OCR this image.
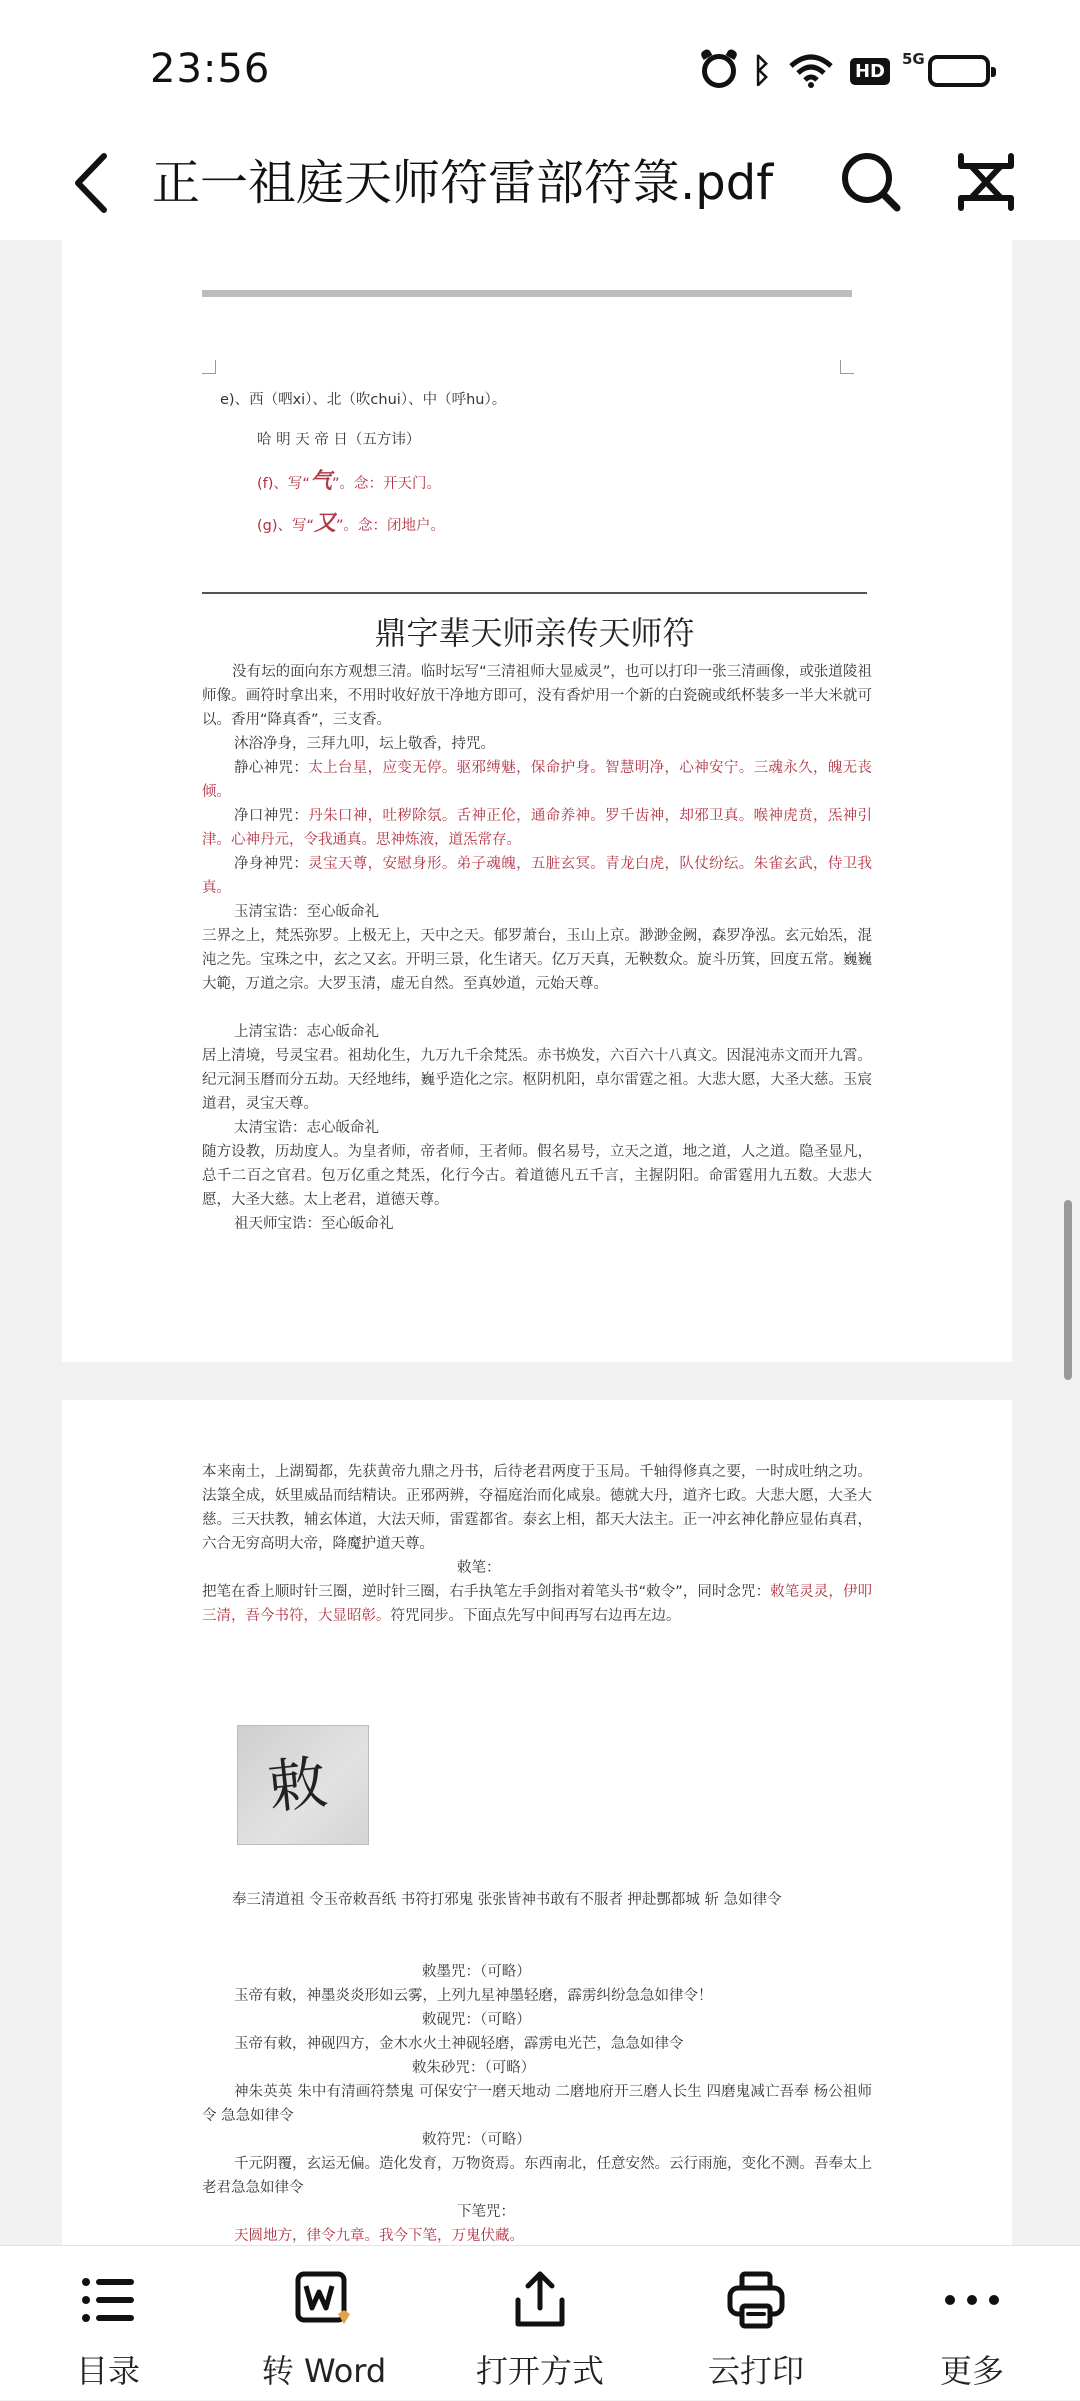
23:56	ᛒ	HD
5G
正一祖庭天师符雷部符箓.pdf
e)、西（呬xi）、北（吹chui）、中（呼hu）。
哈 明 天 帝 日（五方讳）
(f)、写“气”。念：开天门。
(g)、写“又”。念：闭地户。
鼎字辈天师亲传天师符
没有坛的面向东方观想三清。临时坛写“三清祖师大显威灵”，也可以打印一张三清画像，或张道陵祖师像。画符时拿出来，不用时收好放干净地方即可，没有香炉用一个新的白瓷碗或纸杯装多一半大米就可以。香用“降真香”，三支香。
沐浴净身，三拜九叩，坛上敬香，持咒。
静心神咒：太上台星，应变无停。驱邪缚魅，保命护身。智慧明净，心神安宁。三魂永久，魄无丧倾。
净口神咒：丹朱口神，吐秽除氛。舌神正伦，通命养神。罗千齿神，却邪卫真。喉神虎贲，炁神引津。心神丹元，令我通真。思神炼液，道炁常存。
净身神咒：灵宝天尊，安慰身形。弟子魂魄，五脏玄冥。青龙白虎，队仗纷纭。朱雀玄武，侍卫我真。
玉清宝诰：至心皈命礼
三界之上，梵炁弥罗。上极无上，天中之天。郁罗萧台，玉山上京。渺渺金阙，森罗净泓。玄元始炁，混沌之先。宝珠之中，玄之又玄。开明三景，化生诸天。亿万天真，无鞅数众。旋斗历箕，回度五常。巍巍大範，万道之宗。大罗玉清，虚无自然。至真妙道，元始天尊。
上清宝诰：志心皈命礼
居上清境，号灵宝君。祖劫化生，九万九千余梵炁。赤书焕发，六百六十八真文。因混沌赤文而开九霄。纪元洞玉曆而分五劫。天经地纬，巍乎造化之宗。枢阴机阳，卓尔雷霆之祖。大悲大愿，大圣大慈。玉宸道君，灵宝天尊。
太清宝诰：志心皈命礼
随方设教，历劫度人。为皇者师，帝者师，王者师。假名易号，立天之道，地之道，人之道。隐圣显凡，总千二百之官君。包万亿重之梵炁，化行今古。着道德凡五千言，主握阴阳。命雷霆用九五数。大悲大愿，大圣大慈。太上老君，道德天尊。
祖天师宝诰：至心皈命礼
本来南土，上湖蜀都，先获黄帝九鼎之丹书，后待老君两度于玉局。千轴得修真之要，一时成吐纳之功。法箓全成，妖里威品而结精诀。正邪两辨，夺福庭治而化咸泉。德就大丹，道齐七政。大悲大愿，大圣大慈。三天扶教，辅玄体道，大法天师，雷霆都省。泰玄上相，都天大法主。正一冲玄神化静应显佑真君，六合无穷高明大帝，降魔护道天尊。
敕笔：
把笔在香上顺时针三圈，逆时针三圈，右手执笔左手剑指对着笔头书“敕令”，同时念咒：敕笔灵灵，伊叩三清，吾今书符，大显昭彰。符咒同步。下面点先写中间再写右边再左边。
敕
奉三清道祖 令玉帝敕吾纸 书符打邪鬼 张张皆神书敢有不服者 押赴酆都城 斩 急如律令
敕墨咒：（可略）
玉帝有敕，神墨炎炎形如云雾，上列九星神墨轻磨，霹雳纠纷急急如律令！
敕砚咒：（可略）
玉帝有敕，神砚四方，金木水火土神砚轻磨，霹雳电光芒，急急如律令
敕朱砂咒：（可略）
神朱英英 朱中有清画符禁鬼 可保安宁一磨天地动 二磨地府开三磨人长生 四磨鬼减亡吾奉 杨公祖师 令 急急如律令
敕符咒：（可略）
千元阴覆，玄运无偏。造化发育，万物资焉。东西南北，任意安然。云行雨施，变化不测。吾奉太上老君急急如律令
下笔咒：
天圆地方，律令九章。我今下笔，万鬼伏藏。
目录	转 Word	打开方式	云打印	更多
